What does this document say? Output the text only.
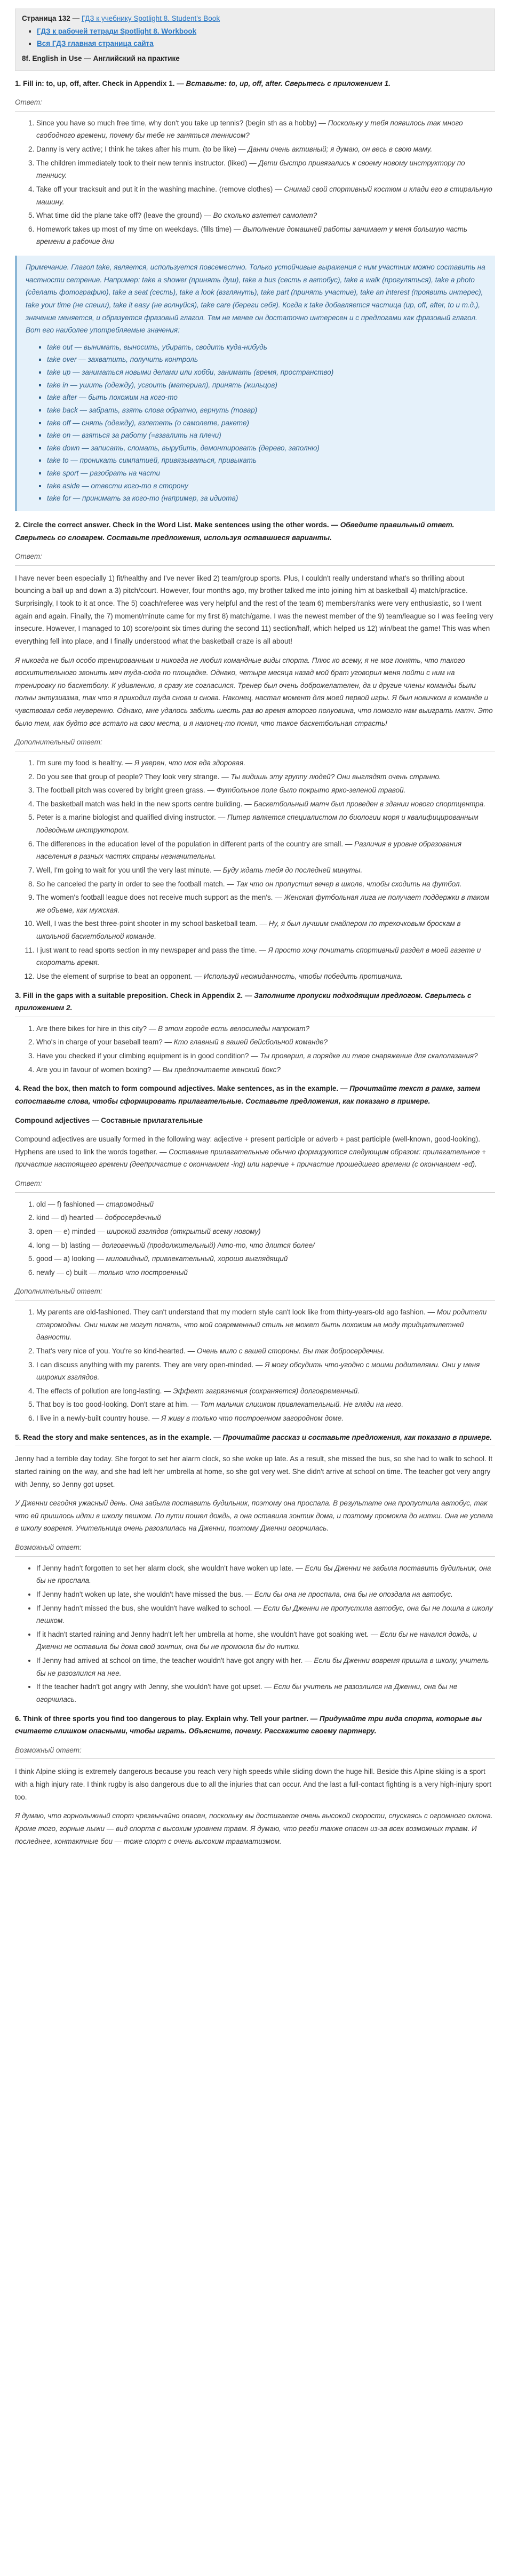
Страница 132 — ГДЗ к учебнику Spotlight 8. Student's Book
▪ ГДЗ к рабочей тетради Spotlight 8. Workbook
▪ Вся ГДЗ главная страница сайта
8f. English in Use — Английский на практике
1. Fill in: to, up, off, after. Check in Appendix 1. — Вставьте: to, up, off, after. Сверьтесь с приложением 1.
Ответ:
1. Since you have so much free time, why don't you take up tennis? (begin sth as a hobby) — Поскольку у тебя появилось так много свободного времени, почему бы тебе не заняться теннисом?
2. Danny is very active; I think he takes after his mum. (to be like) — Данни очень активный; я думаю, он весь в свою маму.
3. The children immediately took to their new tennis instructor. (liked) — Дети быстро привязались к своему новому инструктору по теннису.
4. Take off your tracksuit and put it in the washing machine. (remove clothes) — Снимай свой спортивный костюм и клади его в стиральную машину.
5. What time did the plane take off? (leave the ground) — Во сколько взлетел самолет?
6. Homework takes up most of my time on weekdays. (fills time) — Выполнение домашней работы занимает у меня большую часть времени в рабочие дни

Примечание. Глагол take, является, используется повсеместно. Только устойчивые выражения с ним участник можно составить на частности сетрение. Например: take a shower (принять душ), take a bus (сесть в автобус), take a walk (прогуляться), take a photo (сделать фотографию), take a seat (сесть), take a look (взглянуть), take part (принять участие), take an interest (проявить интерес), take your time (не спеши), take it easy (не волнуйся), take care (береги себя). Когда к take добавляется частица (up, off, after, to и т.д.), значение меняется, и образуется фразовый глагол. Тем не менее он достаточно интересен и с предлогами как фразовый глагол. Вот его наиболее употребляемые значения:

▪ take out — вынимать, выносить, убирать, сводить куда-нибудь
▪ take over — захватить, получить контроль
▪ take up — заниматься новыми делами или хобби, занимать (время, пространство)
▪ take in — ушить (одежду), усвоить (материал), принять (жильцов)
▪ take after — быть похожим на кого-то
▪ take back — забрать, взять слова обратно, вернуть (товар)
▪ take off — снять (одежду), взлететь (о самолете, ракете)
▪ take on — взяться за работу (=взвалить на плечи)
▪ take down — записать, сломать, вырубить, демонтировать (дерево, заполню)
▪ take to — проникать симпатией, привязываться, привыкать
▪ take sport — разобрать на части
▪ take aside — отвести кого-то в сторону
▪ take for — принимать за кого-то (например, за идиота)
2. Circle the correct answer. Check in the Word List. Make sentences using the other words. — Обведите правильный ответ. Сверьтесь со словарем. Составьте предложения, используя оставшиеся варианты.
Ответ:
I have never been especially 1) fit/healthy and I've never liked 2) team/group sports. Plus, I couldn't really understand what's so thrilling about bouncing a ball up and down a 3) pitch/court. However, four months ago, my brother talked me into joining him at basketball 4) match/practice. Surprisingly, I took to it at once. The 5) coach/referee was very helpful and the rest of the team 6) members/ranks were very enthusiastic, so I went again and again. Finally, the 7) moment/minute came for my first 8) match/game. I was the newest member of the 9) team/league so I was feeling very insecure. However, I managed to 10) score/point six times during the second 11) section/half, which helped us 12) win/beat the game! This was when everything fell into place, and I finally understood what the basketball craze is all about!
Я никогда не был особо тренированным и никогда не любил командные виды спорта. Плюс ко всему, я не мог понять, что такого восхитительного звонить мяч туда-сюда по площадке. Однако, четыре месяца назад мой брат уговорил меня пойти с ним на тренировку по баскетболу. К удивлению, я сразу же согласился. Тренер был очень доброжелателен, да и другие члены команды были полны энтузиазма, так что я приходил туда снова и снова. Наконец, настал момент для моей первой игры. Я был новичком в команде и чувствовал себя неуверенно. Однако, мне удалось забить шесть раз во время второго полуовина, что помогло нам выиграть матч. Это было тем, как будто все встало на свои места, и я наконец-то понял, что такое баскетбольная страсть!
Дополнительный ответ:
1. I'm sure my food is healthy. — Я уверен, что моя еда здоровая.
2. Do you see that group of people? They look very strange. — Ты видишь эту группу людей? Они выглядят очень странно.
3. The football pitch was covered by bright green grass. — Футбольное поле было покрыто ярко-зеленой травой.
4. The basketball match was held in the new sports centre building. — Баскетбольный матч был проведен в здании нового спортцентра.
5. Peter is a marine biologist and qualified diving instructor. — Питер является специалистом по биологии моря и квалифицированным подводным инструктором.
6. The differences in the education level of the population in different parts of the country are small. — Различия в уровне образования населения в разных частях страны незначительны.
7. Well, I'm going to wait for you until the very last minute. — Буду ждать тебя до последней минуты.
8. So he canceled the party in order to see the football match. — Так что он пропустил вечер в школе, чтобы сходить на футбол.
9. The women's football league does not receive much support as the men's. — Женская футбольная лига не получает поддержки в таком же объеме, как мужская.
10. Well, I was the best three-point shooter in my school basketball team. — Ну, я был лучшим снайпером по трехочковым броскам в школьной баскетбольной команде.
11. I just want to read sports section in my newspaper and pass the time. — Я просто хочу почитать спортивный раздел в моей газете и скоротать время.
12. Use the element of surprise to beat an opponent. — Используй неожиданность, чтобы победить противника.
3. Fill in the gaps with a suitable preposition. Check in Appendix 2. — Заполните пропуски подходящим предлогом. Сверьтесь с приложением 2.
1. Are there bikes for hire in this city? — В этом городе есть велосипеды напрокат?
2. Who's in charge of your baseball team? — Кто главный в вашей бейсбольной команде?
3. Have you checked if your climbing equipment is in good condition? — Ты проверил, в порядке ли твое снаряжение для скалолазания?
4. Are you in favour of women boxing? — Вы предпочитаете женский бокс?
4. Read the box, then match to form compound adjectives. Make sentences, as in the example. — Прочитайте текст в рамке, затем сопоставьте слова, чтобы сформировать прилагательные. Составьте предложения, как показано в примере.
Compound adjectives — Составные прилагательные
Compound adjectives are usually formed in the following way: adjective + present participle or adverb + past participle (well-known, good-looking). Hyphens are used to link the words together. — Составные прилагательные обычно формируются следующим образом: прилагательное + причастие настоящего времени (деепричастие с окончанием -ing) или наречие + причастие прошедшего времени (с окончанием -ed).
Ответ:
1. old — f) fashioned — старомодный
2. kind — d) hearted — добросердечный
3. open — e) minded — широкий взглядов (открытый всему новому)
4. long — b) lasting — долговечный (продолжительный) /что-то, что длится более/
5. good — a) looking — миловидный, привлекательный, хорошо выглядящий
6. newly — c) built — только что построенный
Дополнительный ответ:
1. My parents are old-fashioned. They can't understand that my modern style can't look like from thirty-years-old ago fashion. — Мои родители старомодны. Они никак не могут понять, что мой современный стиль не может быть похожим на моду тридцатилетней давности.
2. That's very nice of you. You're so kind-hearted. — Очень мило с вашей стороны. Вы так добросердечны.
3. I can discuss anything with my parents. They are very open-minded. — Я могу обсудить что-угодно с моими родителями. Они у меня широких взглядов.
4. The effects of pollution are long-lasting. — Эффект загрязнения (сохраняется) долговременный.
5. That boy is too good-looking. Don't stare at him. — Тот мальчик слишком привлекательный. Не гляди на него.
6. I live in a newly-built country house. — Я живу в только что построенном загородном доме.
5. Read the story and make sentences, as in the example. — Прочитайте рассказ и составьте предложения, как показано в примере.
Jenny had a terrible day today. She forgot to set her alarm clock, so she woke up late. As a result, she missed the bus, so she had to walk to school. It started raining on the way, and she had left her umbrella at home, so she got very wet. She didn't arrive at school on time. The teacher got very angry with Jenny, so Jenny got upset.
У Дженни сегодня ужасный день. Она забыла поставить будильник, поэтому она проспала. В результате она пропустила автобус, так что ей пришлось идти в школу пешком. По пути пошел дождь, а она оставила зонтик дома, и поэтому промокла до нитки. Она не успела в школу вовремя. Учительница очень разозлилась на Дженни, поэтому Дженни огорчилась.
Возможный ответ:
• If Jenny hadn't forgotten to set her alarm clock, she wouldn't have woken up late. — Если бы Дженни не забыла поставить будильник, она бы не проспала.
• If Jenny hadn't woken up late, she wouldn't have missed the bus. — Если бы она не проспала, она бы не опоздала на автобус.
• If Jenny hadn't missed the bus, she wouldn't have walked to school. — Если бы Дженни не пропустила автобус, она бы не пошла в школу пешком.
• If it hadn't started raining and Jenny hadn't left her umbrella at home, she wouldn't have got soaking wet. — Если бы не начался дождь, и Дженни не оставила бы дома свой зонтик, она бы не промокла бы до нитки.
• If Jenny had arrived at school on time, the teacher wouldn't have got angry with her. — Если бы Дженни вовремя пришла в школу, учитель бы не разозлился на нее.
• If the teacher hadn't got angry with Jenny, she wouldn't have got upset. — Если бы учитель не разозлился на Дженни, она бы не огорчилась.
6. Think of three sports you find too dangerous to play. Explain why. Tell your partner. — Придумайте три вида спорта, которые вы считаете слишком опасными, чтобы играть. Объясните, почему. Расскажите своему партнеру.
Возможный ответ:
I think Alpine skiing is extremely dangerous because you reach very high speeds while sliding down the huge hill. Beside this Alpine skiing is a sport with a high injury rate. I think rugby is also dangerous due to all the injuries that can occur. And the last a full-contact fighting is a very high-injury sport too.
Я думаю, что горнолыжный спорт чрезвычайно опасен, поскольку вы достигаете очень высокой скорости, спускаясь с огромного склона. Кроме того, горные лыжи — вид спорта с высоким уровнем травм. Я думаю, что регби также опасен из-за всех возможных травм. И последнее, контактные бои — тоже спорт с очень высоким травматизмом.
